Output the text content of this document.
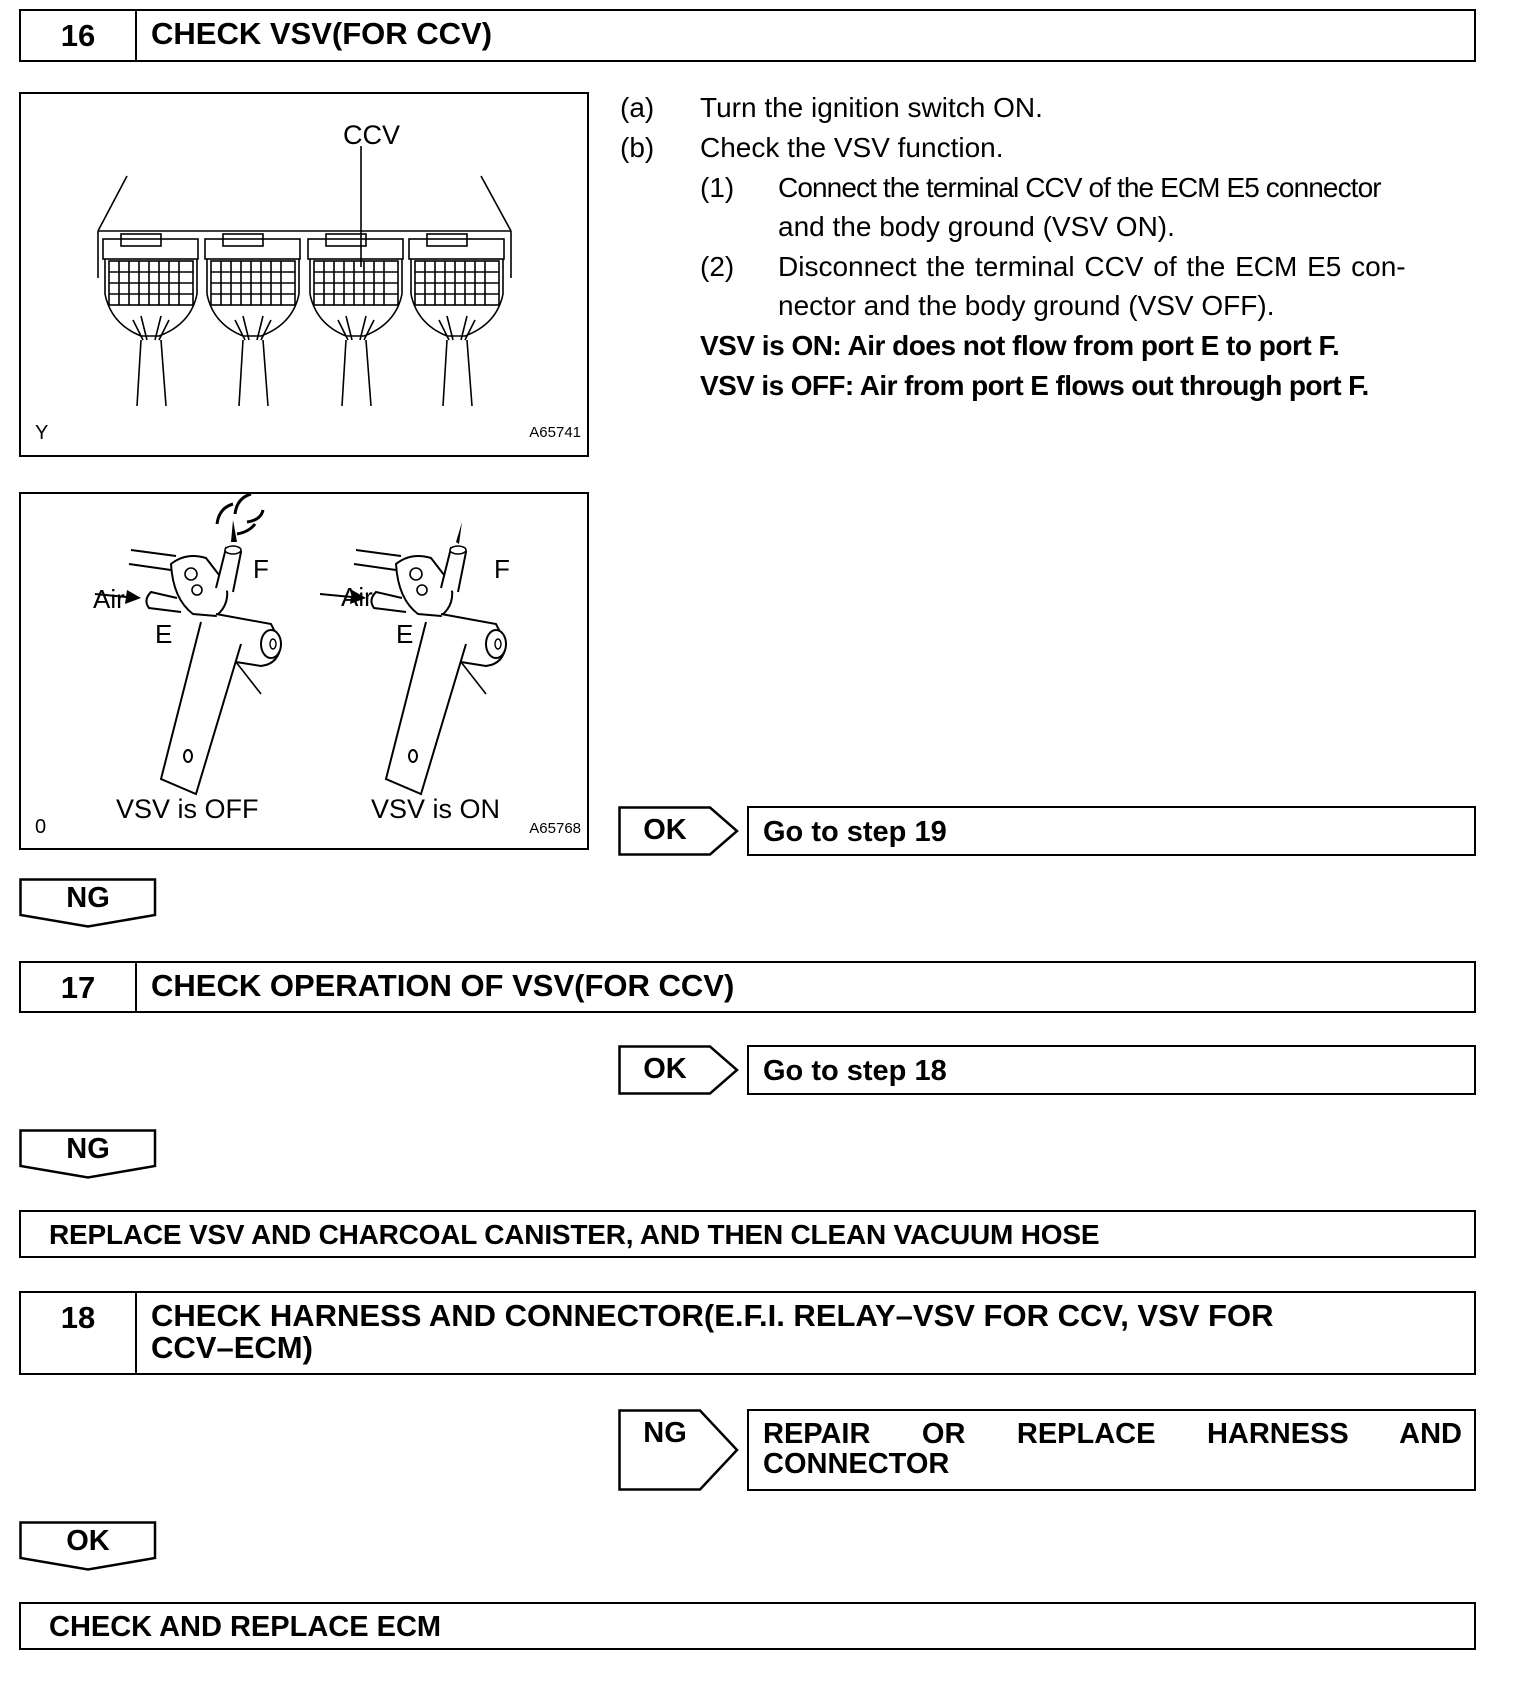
16	CHECK VSV(FOR CCV)
CCV
Y	A65741
Air
E
F
VSV is OFF
Air
E
F
VSV is ON
0	A65768
(a) Turn the ignition switch ON.
(b) Check the VSV function.
(1) Connect the terminal CCV of the ECM E5 connector
and the body ground (VSV ON).
(2) Disconnect the terminal CCV of the ECM E5 con-
nector and the body ground (VSV OFF).
VSV is ON: Air does not flow from port E to port F.
VSV is OFF: Air from port E flows out through port F.
OK	Go to step 19
NG
17	CHECK OPERATION OF VSV(FOR CCV)
OK	Go to step 18
NG
REPLACE VSV AND CHARCOAL CANISTER, AND THEN CLEAN VACUUM HOSE
18	CHECK HARNESS AND CONNECTOR(E.F.I. RELAY–VSV FOR CCV, VSV FOR
CCV–ECM)
NG	REPAIR OR REPLACE HARNESS AND
CONNECTOR
OK
CHECK AND REPLACE ECM
